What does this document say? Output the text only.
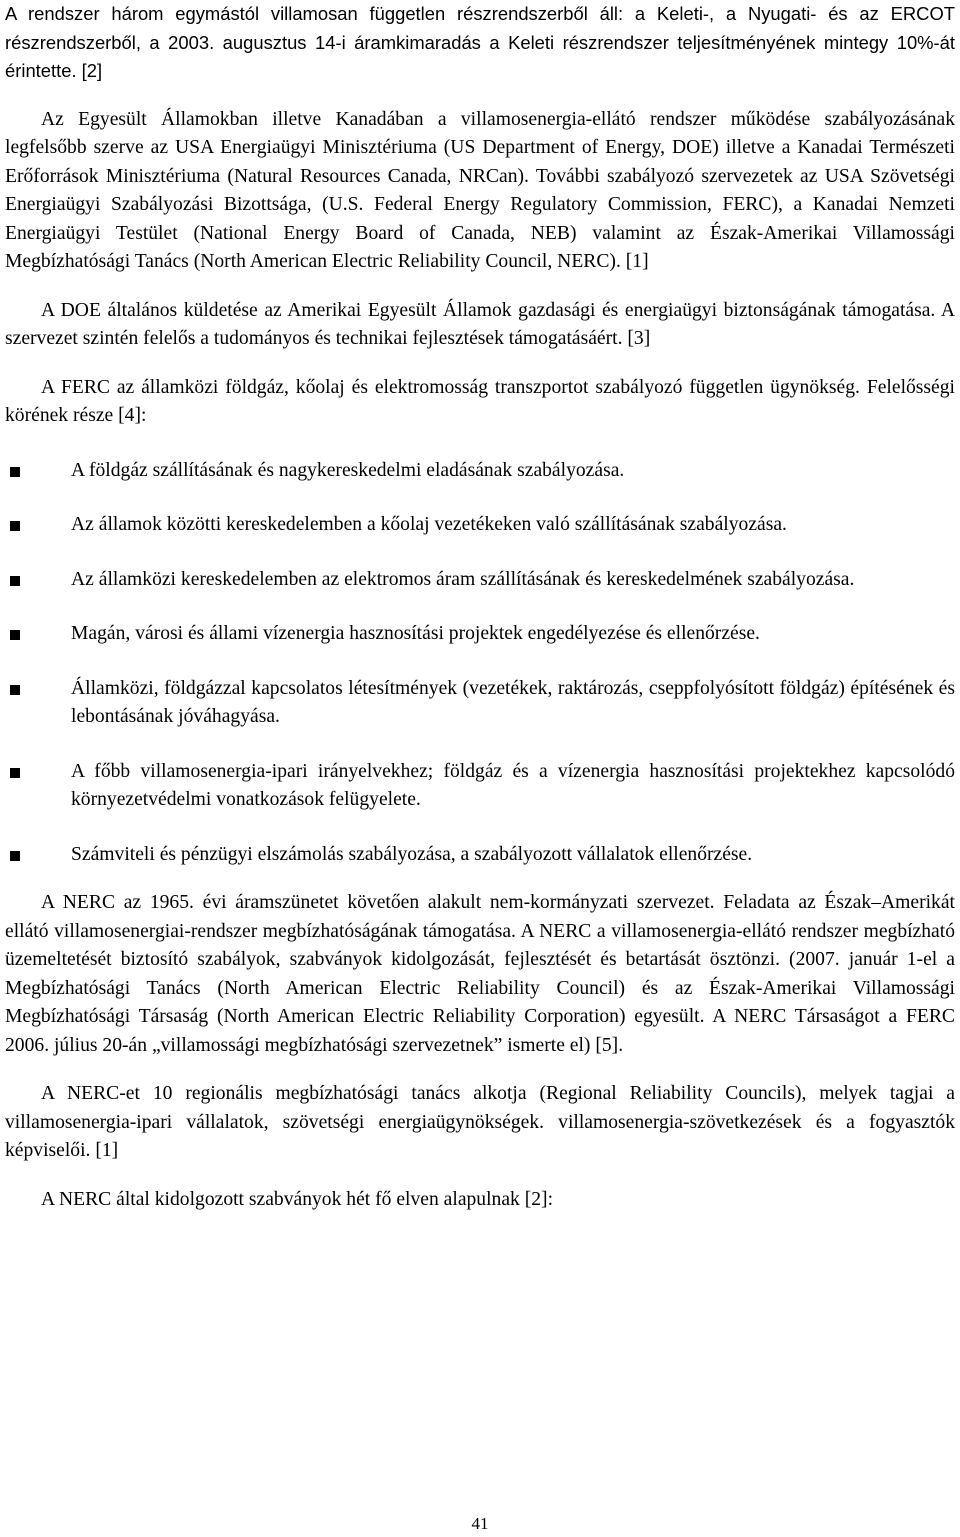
A rendszer három egymástól villamosan független részrendszerből áll: a Keleti-, a Nyugati- és az ERCOT részrendszerből, a 2003. augusztus 14-i áramkimaradás a Keleti részrendszer teljesítményének mintegy 10%-át érintette. [2]

Az Egyesült Államokban illetve Kanadában a villamosenergia-ellátó rendszer működése szabályozásának legfelsőbb szerve az USA Energiaügyi Minisztériuma (US Department of Energy, DOE) illetve a Kanadai Természeti Erőforrások Minisztériuma (Natural Resources Canada, NRCan). További szabályozó szervezetek az USA Szövetségi Energiaügyi Szabályozási Bizottsága, (U.S. Federal Energy Regulatory Commission, FERC), a Kanadai Nemzeti Energiaügyi Testület (National Energy Board of Canada, NEB) valamint az Észak-Amerikai Villamossági Megbízhatósági Tanács (North American Electric Reliability Council, NERC). [1]

A DOE általános küldetése az Amerikai Egyesült Államok gazdasági és energiaügyi biztonságának támogatása. A szervezet szintén felelős a tudományos és technikai fejlesztések támogatásáért. [3]

A FERC az államközi földgáz, kőolaj és elektromosság transzportot szabályozó független ügynökség. Felelősségi körének része [4]:

A földgáz szállításának és nagykereskedelmi eladásának szabályozása.
Az államok közötti kereskedelemben a kőolaj vezetékeken való szállításának szabályozása.
Az államközi kereskedelemben az elektromos áram szállításának és kereskedelmének szabályozása.
Magán, városi és állami vízenergia hasznosítási projektek engedélyezése és ellenőrzése.
Államközi, földgázzal kapcsolatos létesítmények (vezetékek, raktározás, cseppfolyósított földgáz) építésének és lebontásának jóváhagyása.
A főbb villamosenergia-ipari irányelvekhez; földgáz és a vízenergia hasznosítási projektekhez kapcsolódó környezetvédelmi vonatkozások felügyelete.
Számviteli és pénzügyi elszámolás szabályozása, a szabályozott vállalatok ellenőrzése.

A NERC az 1965. évi áramszünetet követően alakult nem-kormányzati szervezet. Feladata az Észak–Amerikát ellátó villamosenergiai-rendszer megbízhatóságának támogatása. A NERC a villamosenergia-ellátó rendszer megbízható üzemeltetését biztosító szabályok, szabványok kidolgozását, fejlesztését és betartását ösztönzi. (2007. január 1-el a Megbízhatósági Tanács (North American Electric Reliability Council) és az Észak-Amerikai Villamossági Megbízhatósági Társaság (North American Electric Reliability Corporation) egyesült. A NERC Társaságot a FERC 2006. július 20-án „villamossági megbízhatósági szervezetnek” ismerte el) [5].

A NERC-et 10 regionális megbízhatósági tanács alkotja (Regional Reliability Councils), melyek tagjai a villamosenergia-ipari vállalatok, szövetségi energiaügynökségek. villamosenergia-szövetkezések és a fogyasztók képviselői. [1]

A NERC által kidolgozott szabványok hét fő elven alapulnak [2]:

41
